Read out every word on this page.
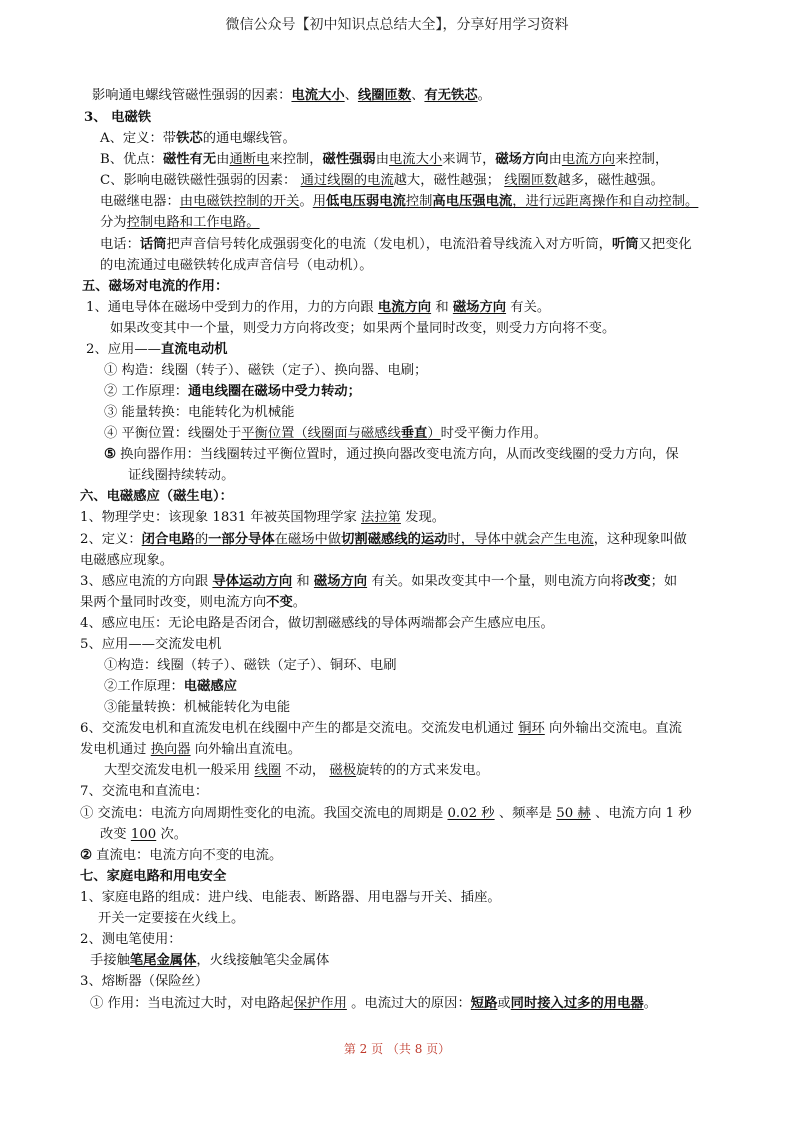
微信公众号【初中知识点总结大全】，分享好用学习资料
影响通电螺线管磁性强弱的因素：电流大小、线圈匝数、有无铁芯。
3、 电磁铁
A、定义：带铁芯的通电螺线管。
B、优点：磁性有无由通断电来控制，磁性强弱由电流大小来调节，磁场方向由电流方向来控制，
C、影响电磁铁磁性强弱的因素： 通过线圈的电流越大，磁性越强； 线圈匝数越多，磁性越强。
电磁继电器：由电磁铁控制的开关。用低电压弱电流控制高电压强电流，进行远距离操作和自动控制。
分为控制电路和工作电路。
电话：话筒把声音信号转化成强弱变化的电流（发电机），电流沿着导线流入对方听筒，听筒又把变化
的电流通过电磁铁转化成声音信号（电动机）。
五、磁场对电流的作用：
1、通电导体在磁场中受到力的作用，力的方向跟 电流方向 和 磁场方向 有关。
如果改变其中一个量，则受力方向将改变；如果两个量同时改变，则受力方向将不变。
2、应用——直流电动机
① 构造：线圈（转子）、磁铁（定子）、换向器、电刷；
② 工作原理：通电线圈在磁场中受力转动；
③ 能量转换：电能转化为机械能
④ 平衡位置：线圈处于平衡位置（线圈面与磁感线垂直）时受平衡力作用。
⑤ 换向器作用：当线圈转过平衡位置时，通过换向器改变电流方向，从而改变线圈的受力方向，保
证线圈持续转动。
六、电磁感应（磁生电）：
1、物理学史：该现象 1831 年被英国物理学家 法拉第 发现。
2、定义：闭合电路的一部分导体在磁场中做切割磁感线的运动时，导体中就会产生电流，这种现象叫做
电磁感应现象。
3、感应电流的方向跟 导体运动方向 和 磁场方向 有关。如果改变其中一个量，则电流方向将改变；如
果两个量同时改变，则电流方向不变。
4、感应电压：无论电路是否闭合，做切割磁感线的导体两端都会产生感应电压。
5、应用——交流发电机
①构造：线圈（转子）、磁铁（定子）、铜环、电刷
②工作原理：电磁感应
③能量转换：机械能转化为电能
6、交流发电机和直流发电机在线圈中产生的都是交流电。交流发电机通过 铜环 向外输出交流电。直流
发电机通过 换向器 向外输出直流电。
大型交流发电机一般采用 线圈 不动， 磁极旋转的的方式来发电。
7、交流电和直流电：
① 交流电：电流方向周期性变化的电流。我国交流电的周期是 0.02 秒 、频率是 50 赫 、电流方向 1 秒
改变 100 次。
② 直流电：电流方向不变的电流。
七、家庭电路和用电安全
1、家庭电路的组成：进户线、电能表、断路器、用电器与开关、插座。
开关一定要接在火线上。
2、测电笔使用：
手接触笔尾金属体，火线接触笔尖金属体
3、熔断器（保险丝）
① 作用：当电流过大时，对电路起保护作用 。电流过大的原因：短路或同时接入过多的用电器。
第 2 页 （共 8 页）
